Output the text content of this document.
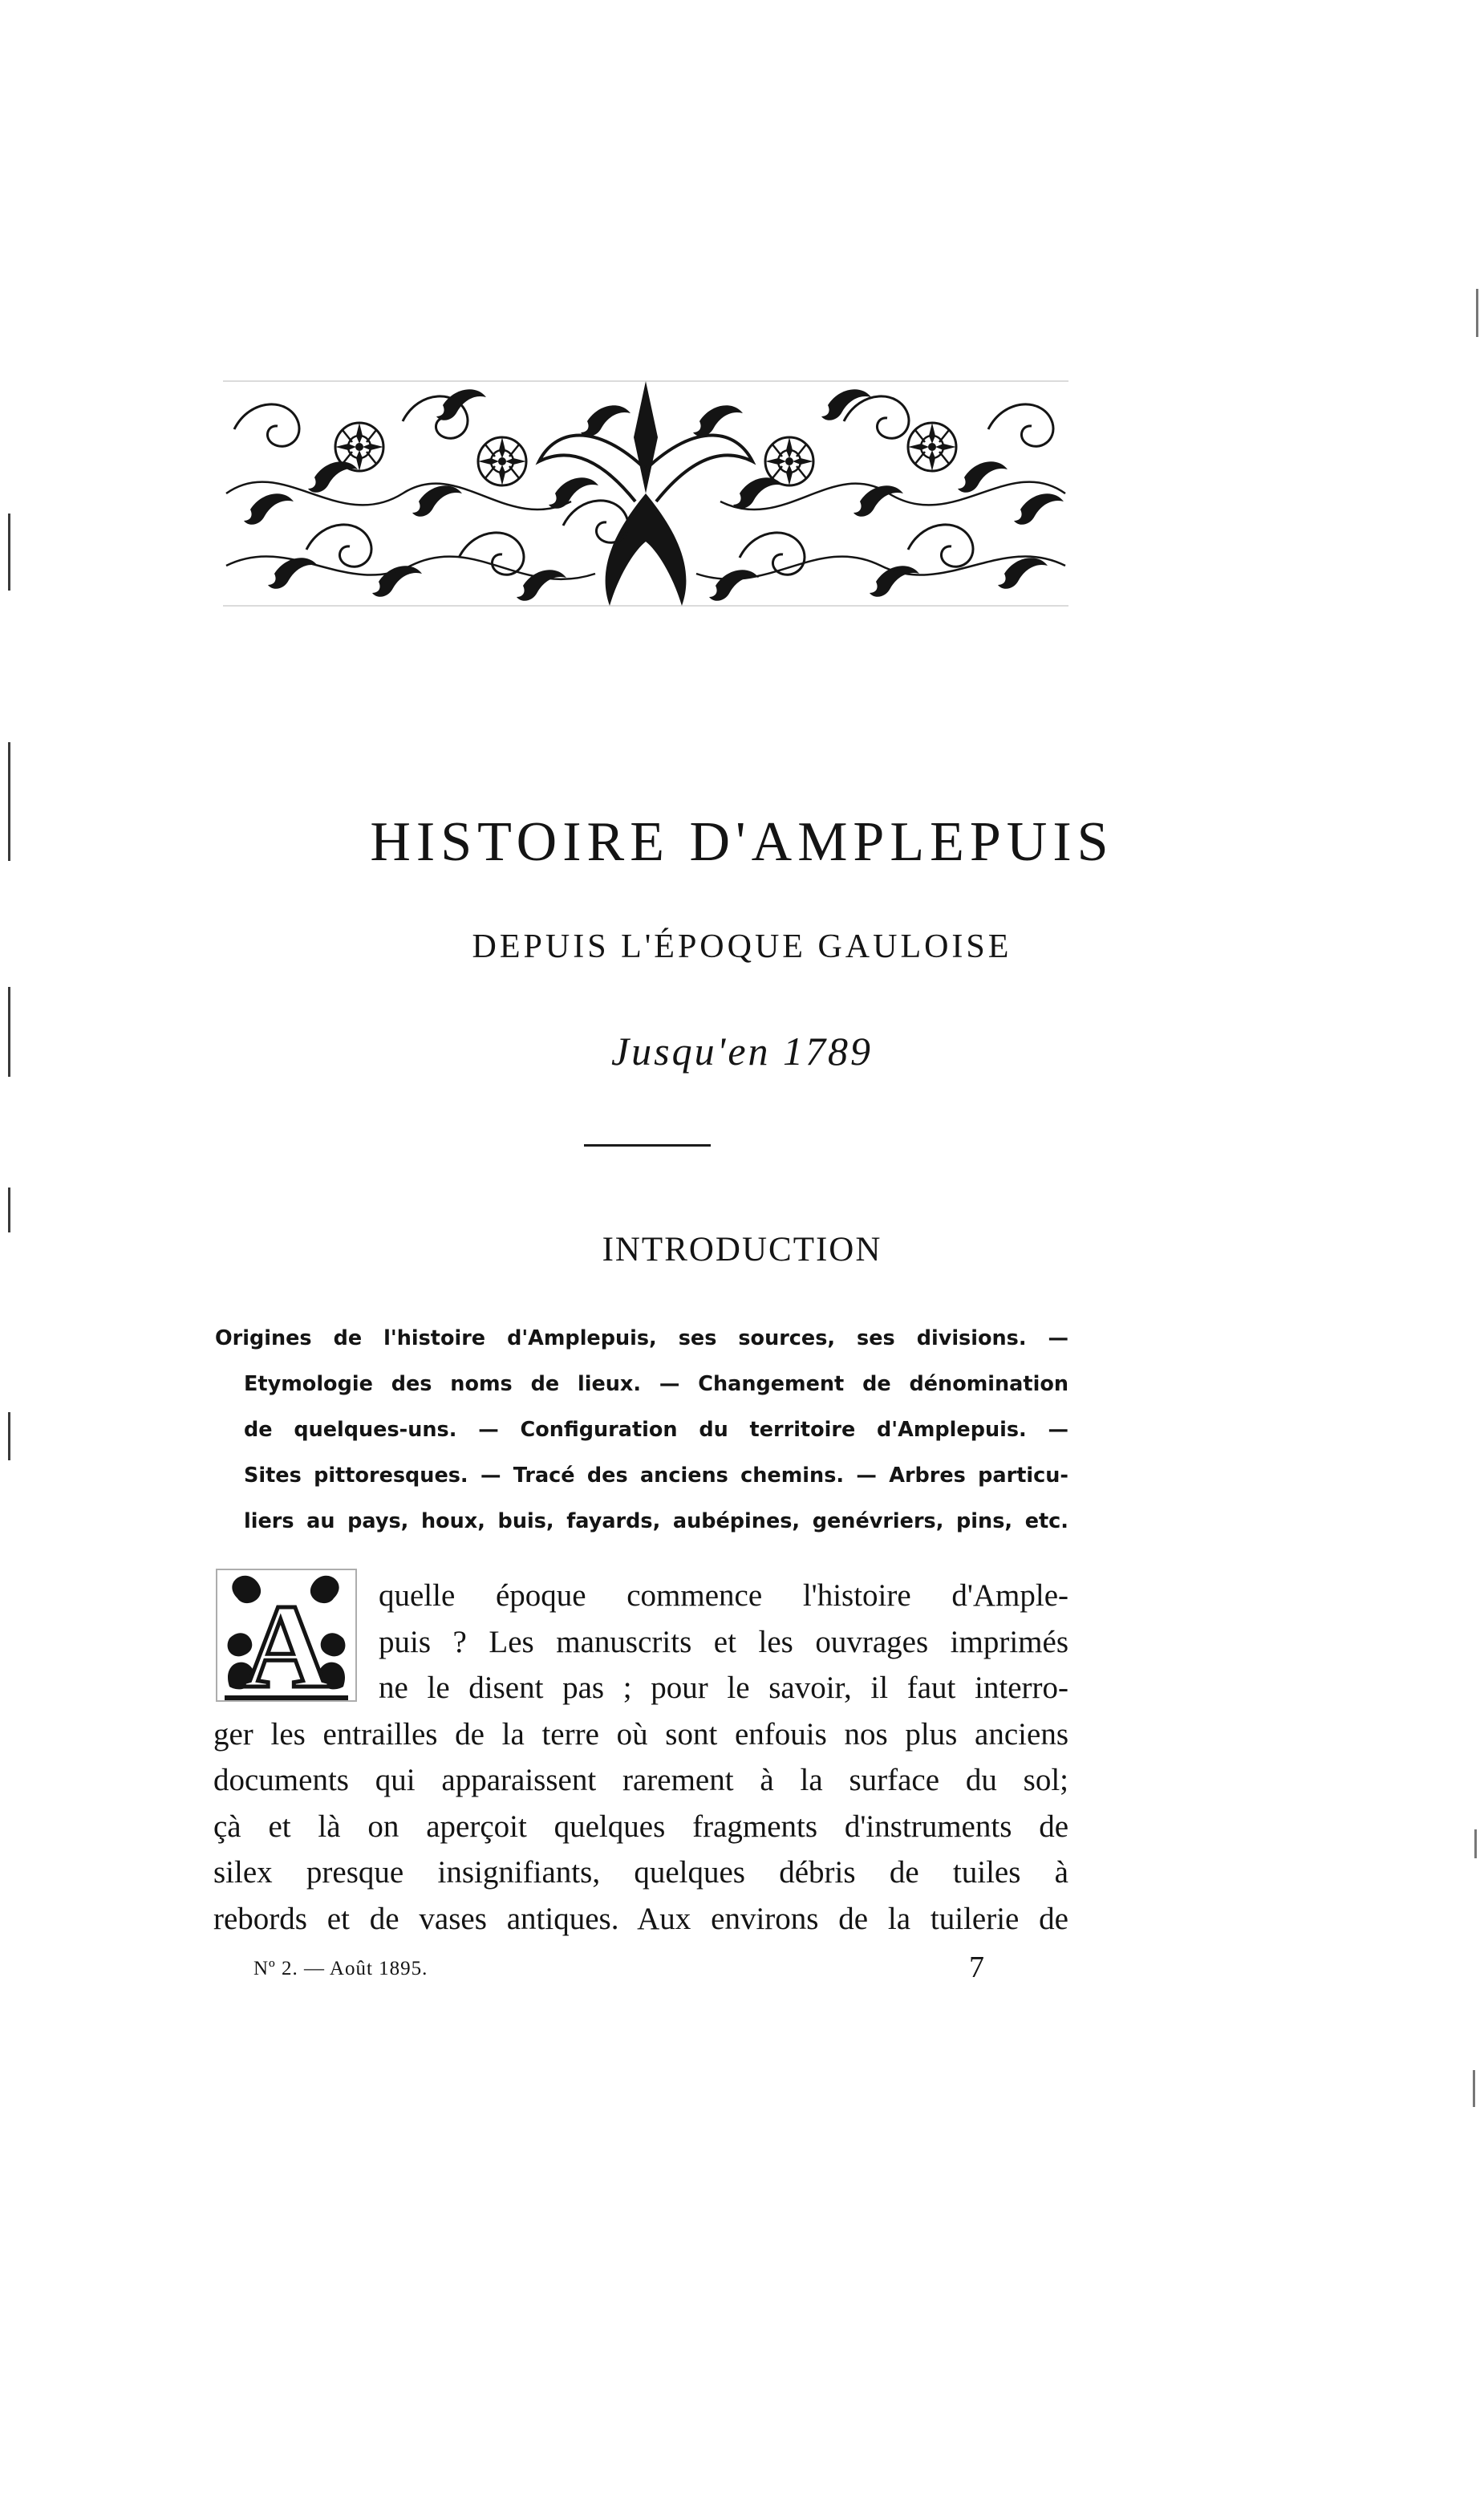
HISTOIRE D'AMPLEPUIS
DEPUIS L'ÉPOQUE GAULOISE
Jusqu'en 1789
INTRODUCTION
Origines de l'histoire d'Amplepuis, ses sources, ses divisions. —
Etymologie des noms de lieux. — Changement de dénomination
de quelques-uns. — Configuration du territoire d'Amplepuis. —
Sites pittoresques. — Tracé des anciens chemins. — Arbres particu-
liers au pays, houx, buis, fayards, aubépines, genévriers, pins, etc.
A	quelle époque commence l'histoire d'Ample-
puis ? Les manuscrits et les ouvrages imprimés
ne le disent pas ; pour le savoir, il faut interro-
ger les entrailles de la terre où sont enfouis nos plus anciens
documents qui apparaissent rarement à la surface du sol;
çà et là on aperçoit quelques fragments d'instruments de
silex presque insignifiants, quelques débris de tuiles à
rebords et de vases antiques. Aux environs de la tuilerie de
Nº 2. — Août 1895.	7
